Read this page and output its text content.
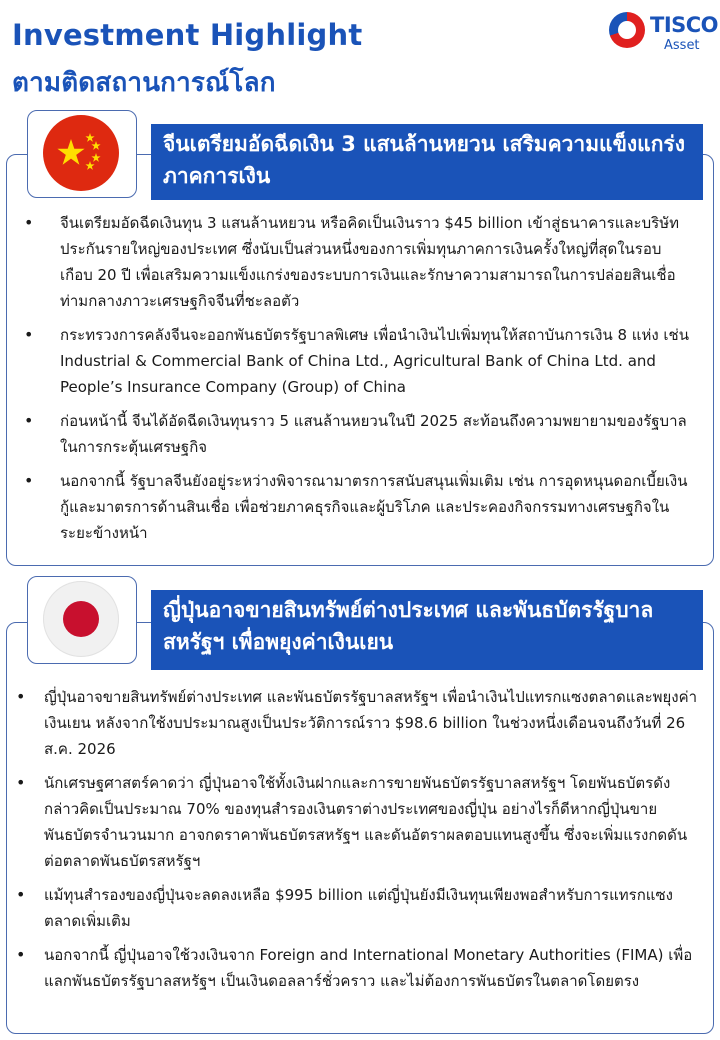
Investment Highlight
ตามติดสถานการณ์โลก
TISCO
Asset
จีนเตรียมอัดฉีดเงิน 3 แสนล้านหยวน เสริมความแข็งแกร่งภาคการเงิน
• จีนเตรียมอัดฉีดเงินทุน 3 แสนล้านหยวน หรือคิดเป็นเงินราว $45 billion เข้าสู่ธนาคารและบริษัทประกันรายใหญ่ของประเทศ ซึ่งนับเป็นส่วนหนึ่งของการเพิ่มทุนภาคการเงินครั้งใหญ่ที่สุดในรอบเกือบ 20 ปี เพื่อเสริมความแข็งแกร่งของระบบการเงินและรักษาความสามารถในการปล่อยสินเชื่อท่ามกลางภาวะเศรษฐกิจจีนที่ชะลอตัว
• กระทรวงการคลังจีนจะออกพันธบัตรรัฐบาลพิเศษ เพื่อนำเงินไปเพิ่มทุนให้สถาบันการเงิน 8 แห่ง เช่น Industrial & Commercial Bank of China Ltd., Agricultural Bank of China Ltd. and People’s Insurance Company (Group) of China
• ก่อนหน้านี้ จีนได้อัดฉีดเงินทุนราว 5 แสนล้านหยวนในปี 2025 สะท้อนถึงความพยายามของรัฐบาลในการกระตุ้นเศรษฐกิจ
• นอกจากนี้ รัฐบาลจีนยังอยู่ระหว่างพิจารณามาตรการสนับสนุนเพิ่มเติม เช่น การอุดหนุนดอกเบี้ยเงินกู้และมาตรการด้านสินเชื่อ เพื่อช่วยภาคธุรกิจและผู้บริโภค และประคองกิจกรรมทางเศรษฐกิจในระยะข้างหน้า
ญี่ปุ่นอาจขายสินทรัพย์ต่างประเทศ และพันธบัตรรัฐบาลสหรัฐฯ เพื่อพยุงค่าเงินเยน
• ญี่ปุ่นอาจขายสินทรัพย์ต่างประเทศ และพันธบัตรรัฐบาลสหรัฐฯ เพื่อนำเงินไปแทรกแซงตลาดและพยุงค่าเงินเยน หลังจากใช้งบประมาณสูงเป็นประวัติการณ์ราว $98.6 billion ในช่วงหนึ่งเดือนจนถึงวันที่ 26 ส.ค. 2026
• นักเศรษฐศาสตร์คาดว่า ญี่ปุ่นอาจใช้ทั้งเงินฝากและการขายพันธบัตรรัฐบาลสหรัฐฯ โดยพันธบัตรดังกล่าวคิดเป็นประมาณ 70% ของทุนสำรองเงินตราต่างประเทศของญี่ปุ่น อย่างไรก็ดีหากญี่ปุ่นขายพันธบัตรจำนวนมาก อาจกดราคาพันธบัตรสหรัฐฯ และดันอัตราผลตอบแทนสูงขึ้น ซึ่งจะเพิ่มแรงกดดันต่อตลาดพันธบัตรสหรัฐฯ
• แม้ทุนสำรองของญี่ปุ่นจะลดลงเหลือ $995 billion แต่ญี่ปุ่นยังมีเงินทุนเพียงพอสำหรับการแทรกแซงตลาดเพิ่มเติม
• นอกจากนี้ ญี่ปุ่นอาจใช้วงเงินจาก Foreign and International Monetary Authorities (FIMA) เพื่อแลกพันธบัตรรัฐบาลสหรัฐฯ เป็นเงินดอลลาร์ชั่วคราว และไม่ต้องการพันธบัตรในตลาดโดยตรง
